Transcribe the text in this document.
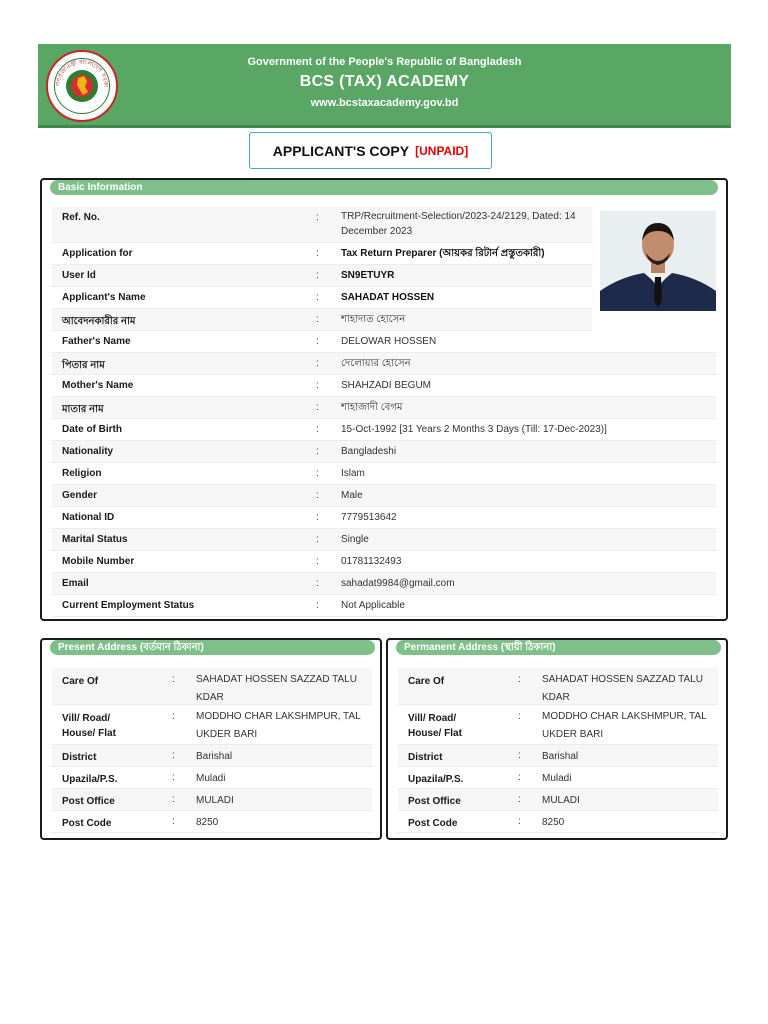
গণপ্রজাতন্ত্রী বাংলাদেশ সরকা
Government of the People's Republic of Bangladesh
BCS (TAX) ACADEMY
www.bcstaxacademy.gov.bd
APPLICANT'S COPY [UNPAID]
Basic Information
Ref. No.	: TRP/Recruitment-Selection/2023-24/2129, Dated: 14 December 2023
Application for	: Tax Return Preparer (আয়কর রিটার্ন প্রস্তুতকারী)
User Id	: SN9ETUYR
Applicant's Name	: SAHADAT HOSSEN
আবেদনকারীর নাম	: শাহাদাত হোসেন
Father's Name	: DELOWAR HOSSEN
পিতার নাম	: দেলোয়ার হোসেন
Mother's Name	: SHAHZADI BEGUM
মাতার নাম	: শাহাজাদী বেগম
Date of Birth	: 15-Oct-1992 [31 Years 2 Months 3 Days (Till: 17-Dec-2023)]
Nationality	: Bangladeshi
Religion	: Islam
Gender	: Male
National ID	: 7779513642
Marital Status	: Single
Mobile Number	: 01781132493
Email	: sahadat9984@gmail.com
Current Employment Status	: Not Applicable
Present Address (বর্তমান ঠিকানা)
Care Of	: SAHADAT HOSSEN SAZZAD TALU KDAR
Vill/ Road/ House/ Flat
: MODDHO CHAR LAKSHMPUR, TAL UKDER BARI
District	: Barishal
Upazila/P.S.	: Muladi
Post Office	: MULADI
Post Code	: 8250
Permanent Address (স্থায়ী ঠিকানা)
Care Of	: SAHADAT HOSSEN SAZZAD TALU KDAR
Vill/ Road/ House/ Flat
: MODDHO CHAR LAKSHMPUR, TAL UKDER BARI
District	: Barishal
Upazila/P.S.	: Muladi
Post Office	: MULADI
Post Code	: 8250
